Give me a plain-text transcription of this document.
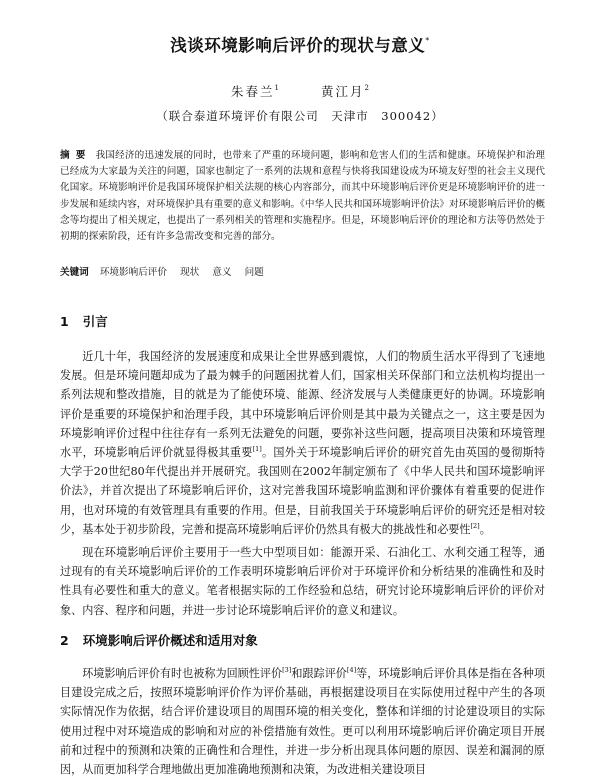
浅谈环境影响后评价的现状与意义*
朱春兰$^1$	黄江月$^2$
（联合泰道环境评价有限公司　天津市　300042）
摘要 我国经济的迅速发展的同时，也带来了严重的环境问题，影响和危害人们的生活和健康。环境保护和治理已经成为大家最为关注的问题，国家也制定了一系列的法规和意程与快将我国建设成为环境友好型的社会主义现代化国家。环境影响评价是我国环境保护相关法规的核心内容部分，而其中环境影响后评价更是环境影响评价的进一步发展和延续内容，对环境保护具有重要的意义和影响。《中华人民共和国环境影响评价法》对环境影响后评价的概念等均提出了相关规定，也提出了一系列相关的管理和实施程序。但是，环境影响后评价的理论和方法等仍然处于初期的探索阶段，还有许多急需改变和完善的部分。
关键词 环境影响后评价 现状 意义 问题
1 引言

近几十年，我国经济的发展速度和成果让全世界感到震惊，人们的物质生活水平得到了飞速地发展。但是环境问题却成为了最为棘手的问题困扰着人们，国家相关环保部门和立法机构均提出一系列法规和整改措施，目的就是为了能使环境、能源、经济发展与人类健康更好的协调。环境影响评价是重要的环境保护和治理手段，其中环境影响后评价则是其中最为关键点之一，这主要是因为环境影响评价过程中往往存有一系列无法避免的问题，要弥补这些问题，提高项目决策和环境管理水平，环境影响后评价就显得极其重要[1]。国外关于环境影响后评价的研究首先由英国的曼彻斯特大学于20世纪80年代提出并开展研究。我国则在2002年制定颁布了《中华人民共和国环境影响评价法》，并首次提出了环境影响后评价，这对完善我国环境影响监测和评价骤体有着重要的促进作用，也对环境的有效管理具有重要的作用。但是，目前我国关于环境影响后评价的研究还是相对较少，基本处于初步阶段，完善和提高环境影响后评价仍然具有极大的挑战性和必要性[2]。

现在环境影响后评价主要用于一些大中型项目如：能源开采、石油化工、水利交通工程等，通过现有的有关环境影响后评价的工作表明环境影响后评价对于环境评价和分析结果的准确性和及时性具有必要性和重大的意义。笔者根据实际的工作经验和总结，研究讨论环境影响后评价的评价对象、内容、程序和问题，并进一步讨论环境影响后评价的意义和建议。

2 环境影响后评价概述和适用对象

环境影响后评价有时也被称为回顾性评价[3]和跟踪评价[4]等，环境影响后评价具体是指在各种项目建设完成之后，按照环境影响评价作为评价基础，再根据建设项目在实际使用过程中产生的各项实际情况作为依据，结合评价建设项目的周围环境的相关变化，整体和详细的讨论建设项目的实际使用过程中对环境造成的影响和对应的补偿措施有效性。更可以利用环境影响后评价确定项目开展前和过程中的预测和决策的正确性和合理性，并进一步分析出现具体问题的原因、误差和漏洞的原因，从而更加科学合理地做出更加准确地预测和决策，为改进相关建设项目
